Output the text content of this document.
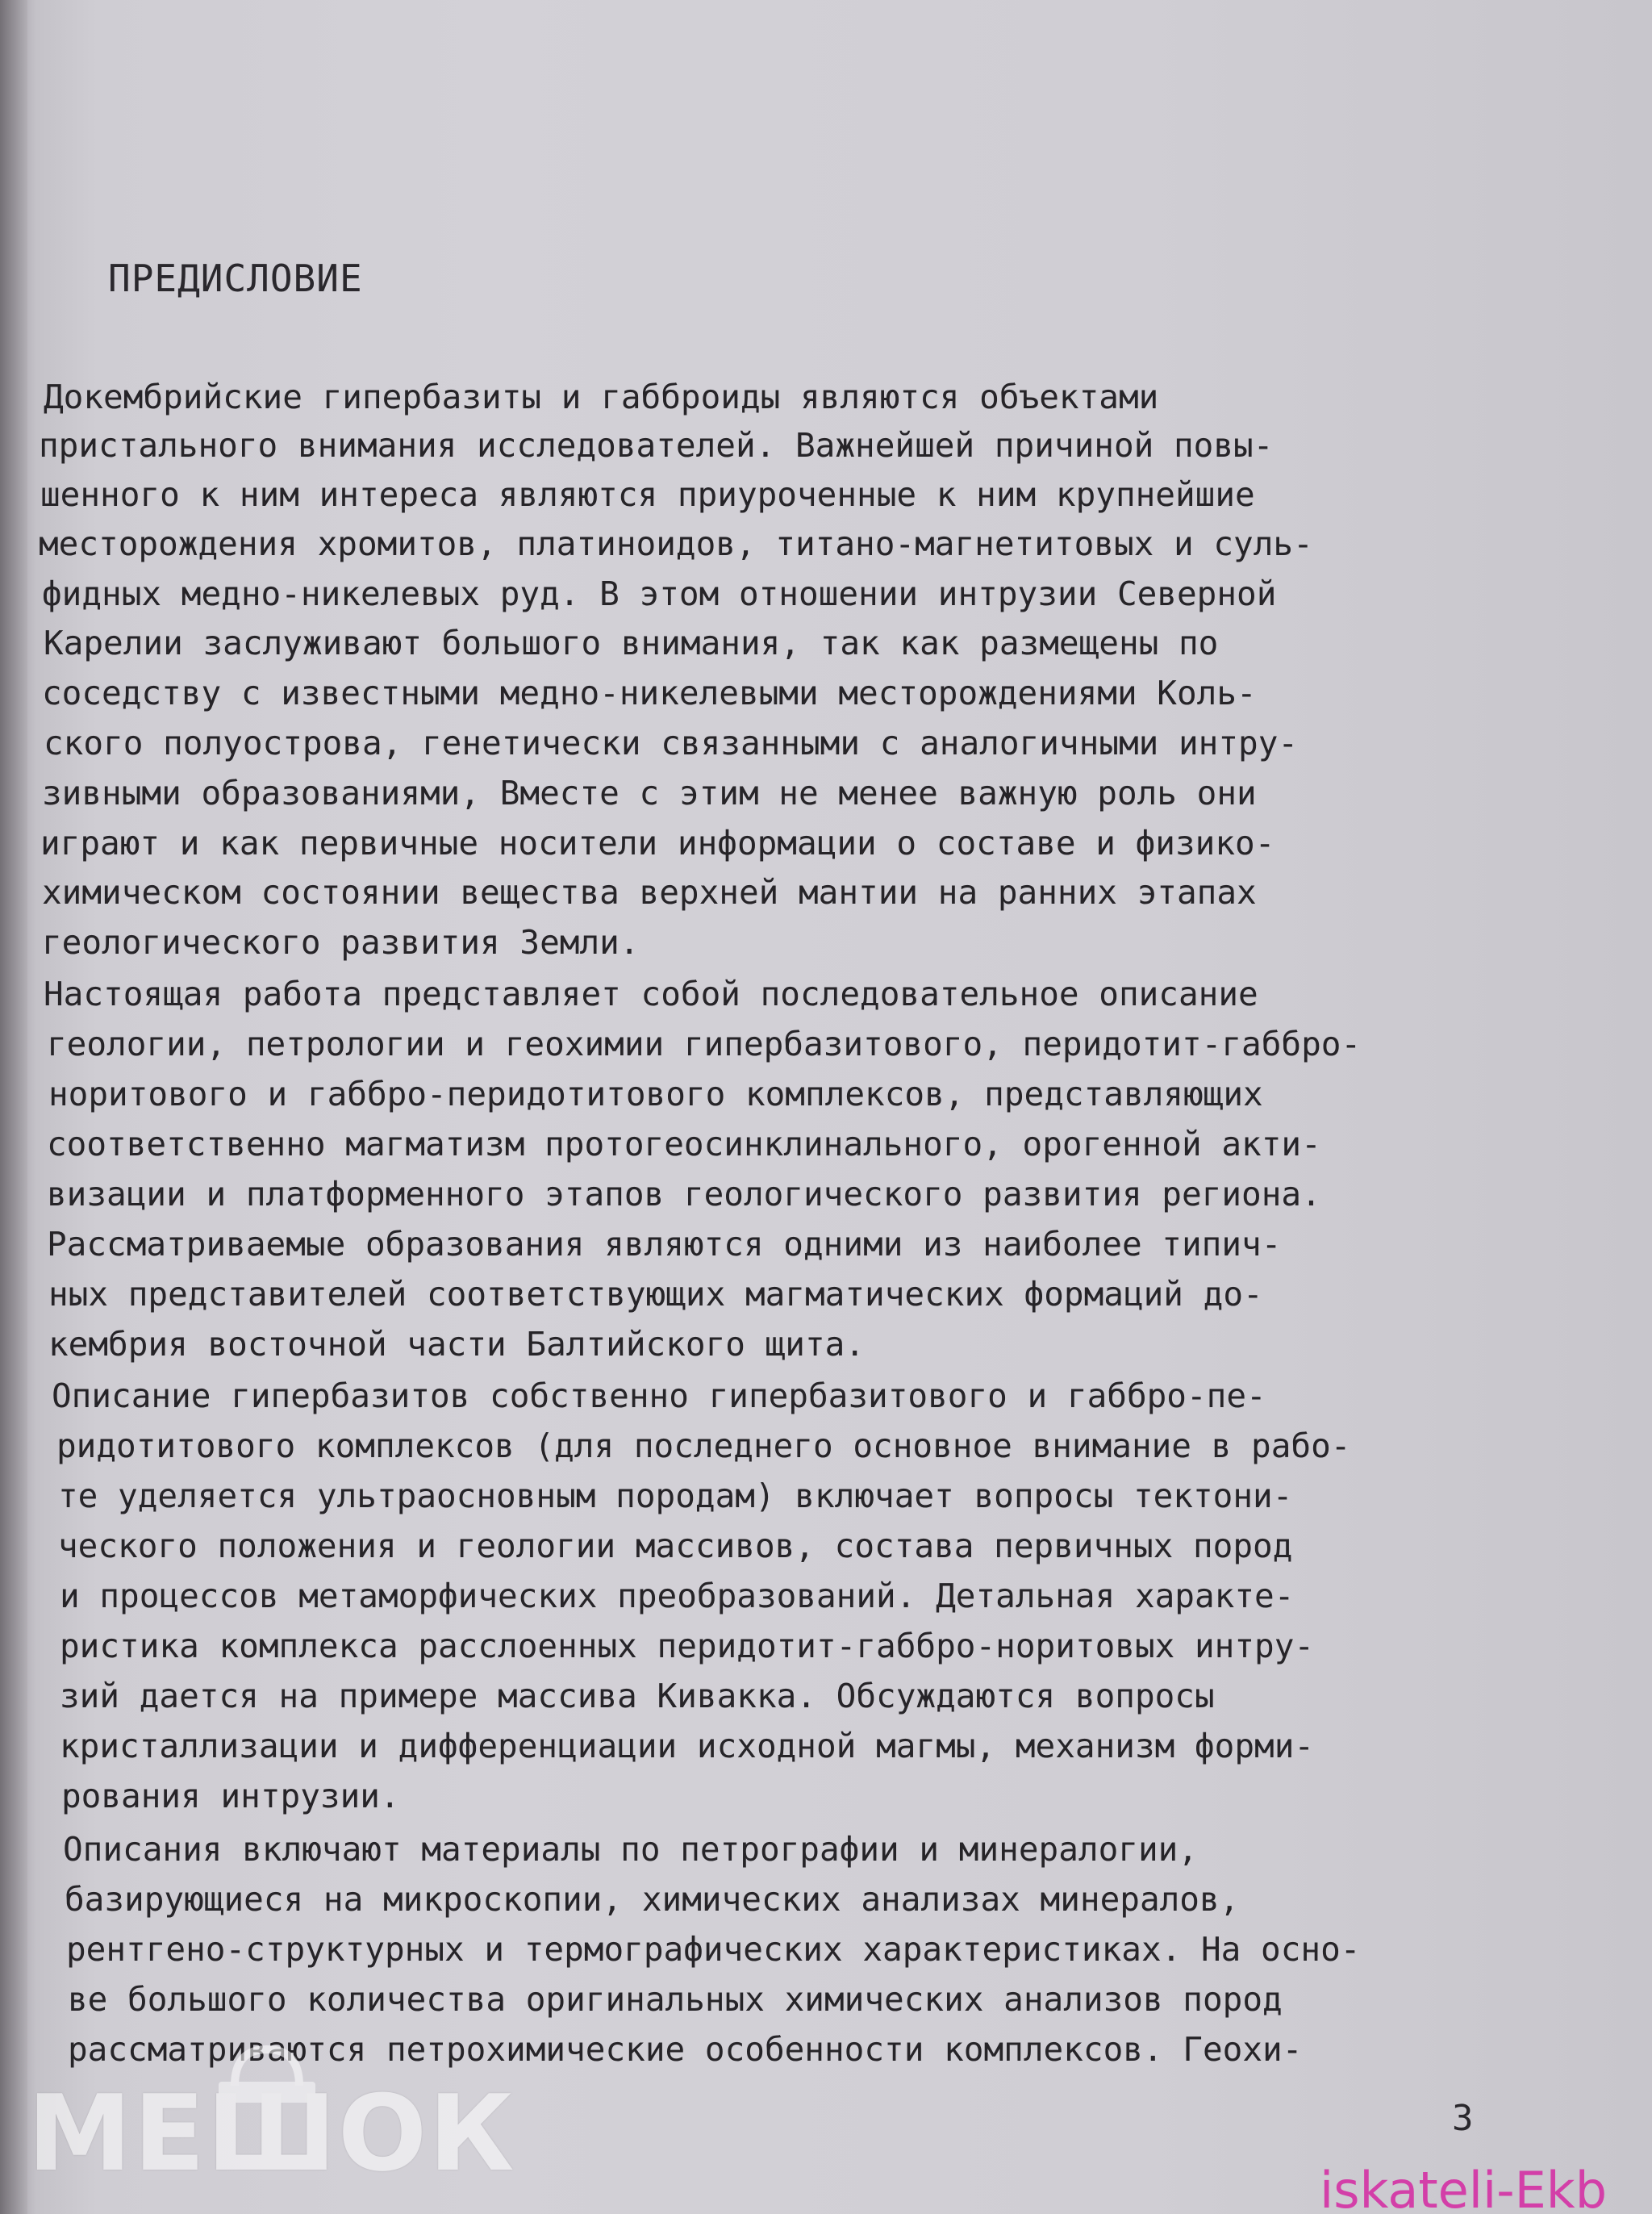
ПРЕДИСЛОВИЕ
Докембрийские гипербазиты и габброиды являются объектами
пристального внимания исследователей. Важнейшей причиной повы-
шенного к ним интереса являются приуроченные к ним крупнейшие
месторождения хромитов, платиноидов, титано-магнетитовых и суль-
фидных медно-никелевых руд. В этом отношении интрузии Северной
Карелии заслуживают большого внимания, так как размещены по
соседству с известными медно-никелевыми месторождениями Коль-
ского полуострова, генетически связанными с аналогичными интру-
зивными образованиями, Вместе с этим не менее важную роль они
играют и как первичные носители информации о составе и физико-
химическом состоянии вещества верхней мантии на ранних этапах
геологического развития Земли.
Настоящая работа представляет собой последовательное описание
геологии, петрологии и геохимии гипербазитового, перидотит-габбро-
норитового и габбро-перидотитового комплексов, представляющих
соответственно магматизм протогеосинклинального, орогенной акти-
визации и платформенного этапов геологического развития региона.
Рассматриваемые образования являются одними из наиболее типич-
ных представителей соответствующих магматических формаций до-
кембрия восточной части Балтийского щита.
Описание гипербазитов собственно гипербазитового и габбро-пе-
ридотитового комплексов (для последнего основное внимание в рабо-
те уделяется ультраосновным породам) включает вопросы тектони-
ческого положения и геологии массивов, состава первичных пород
и процессов метаморфических преобразований. Детальная характе-
ристика комплекса расслоенных перидотит-габбро-норитовых интру-
зий дается на примере массива Кивакка. Обсуждаются вопросы
кристаллизации и дифференциации исходной магмы, механизм форми-
рования интрузии.
Описания включают материалы по петрографии и минералогии,
базирующиеся на микроскопии, химических анализах минералов,
рентгено-структурных и термографических характеристиках. На осно-
ве большого количества оригинальных химических анализов пород
рассматриваются петрохимические особенности комплексов. Геохи-
3
МЕШОК	iskateli-Ekb
